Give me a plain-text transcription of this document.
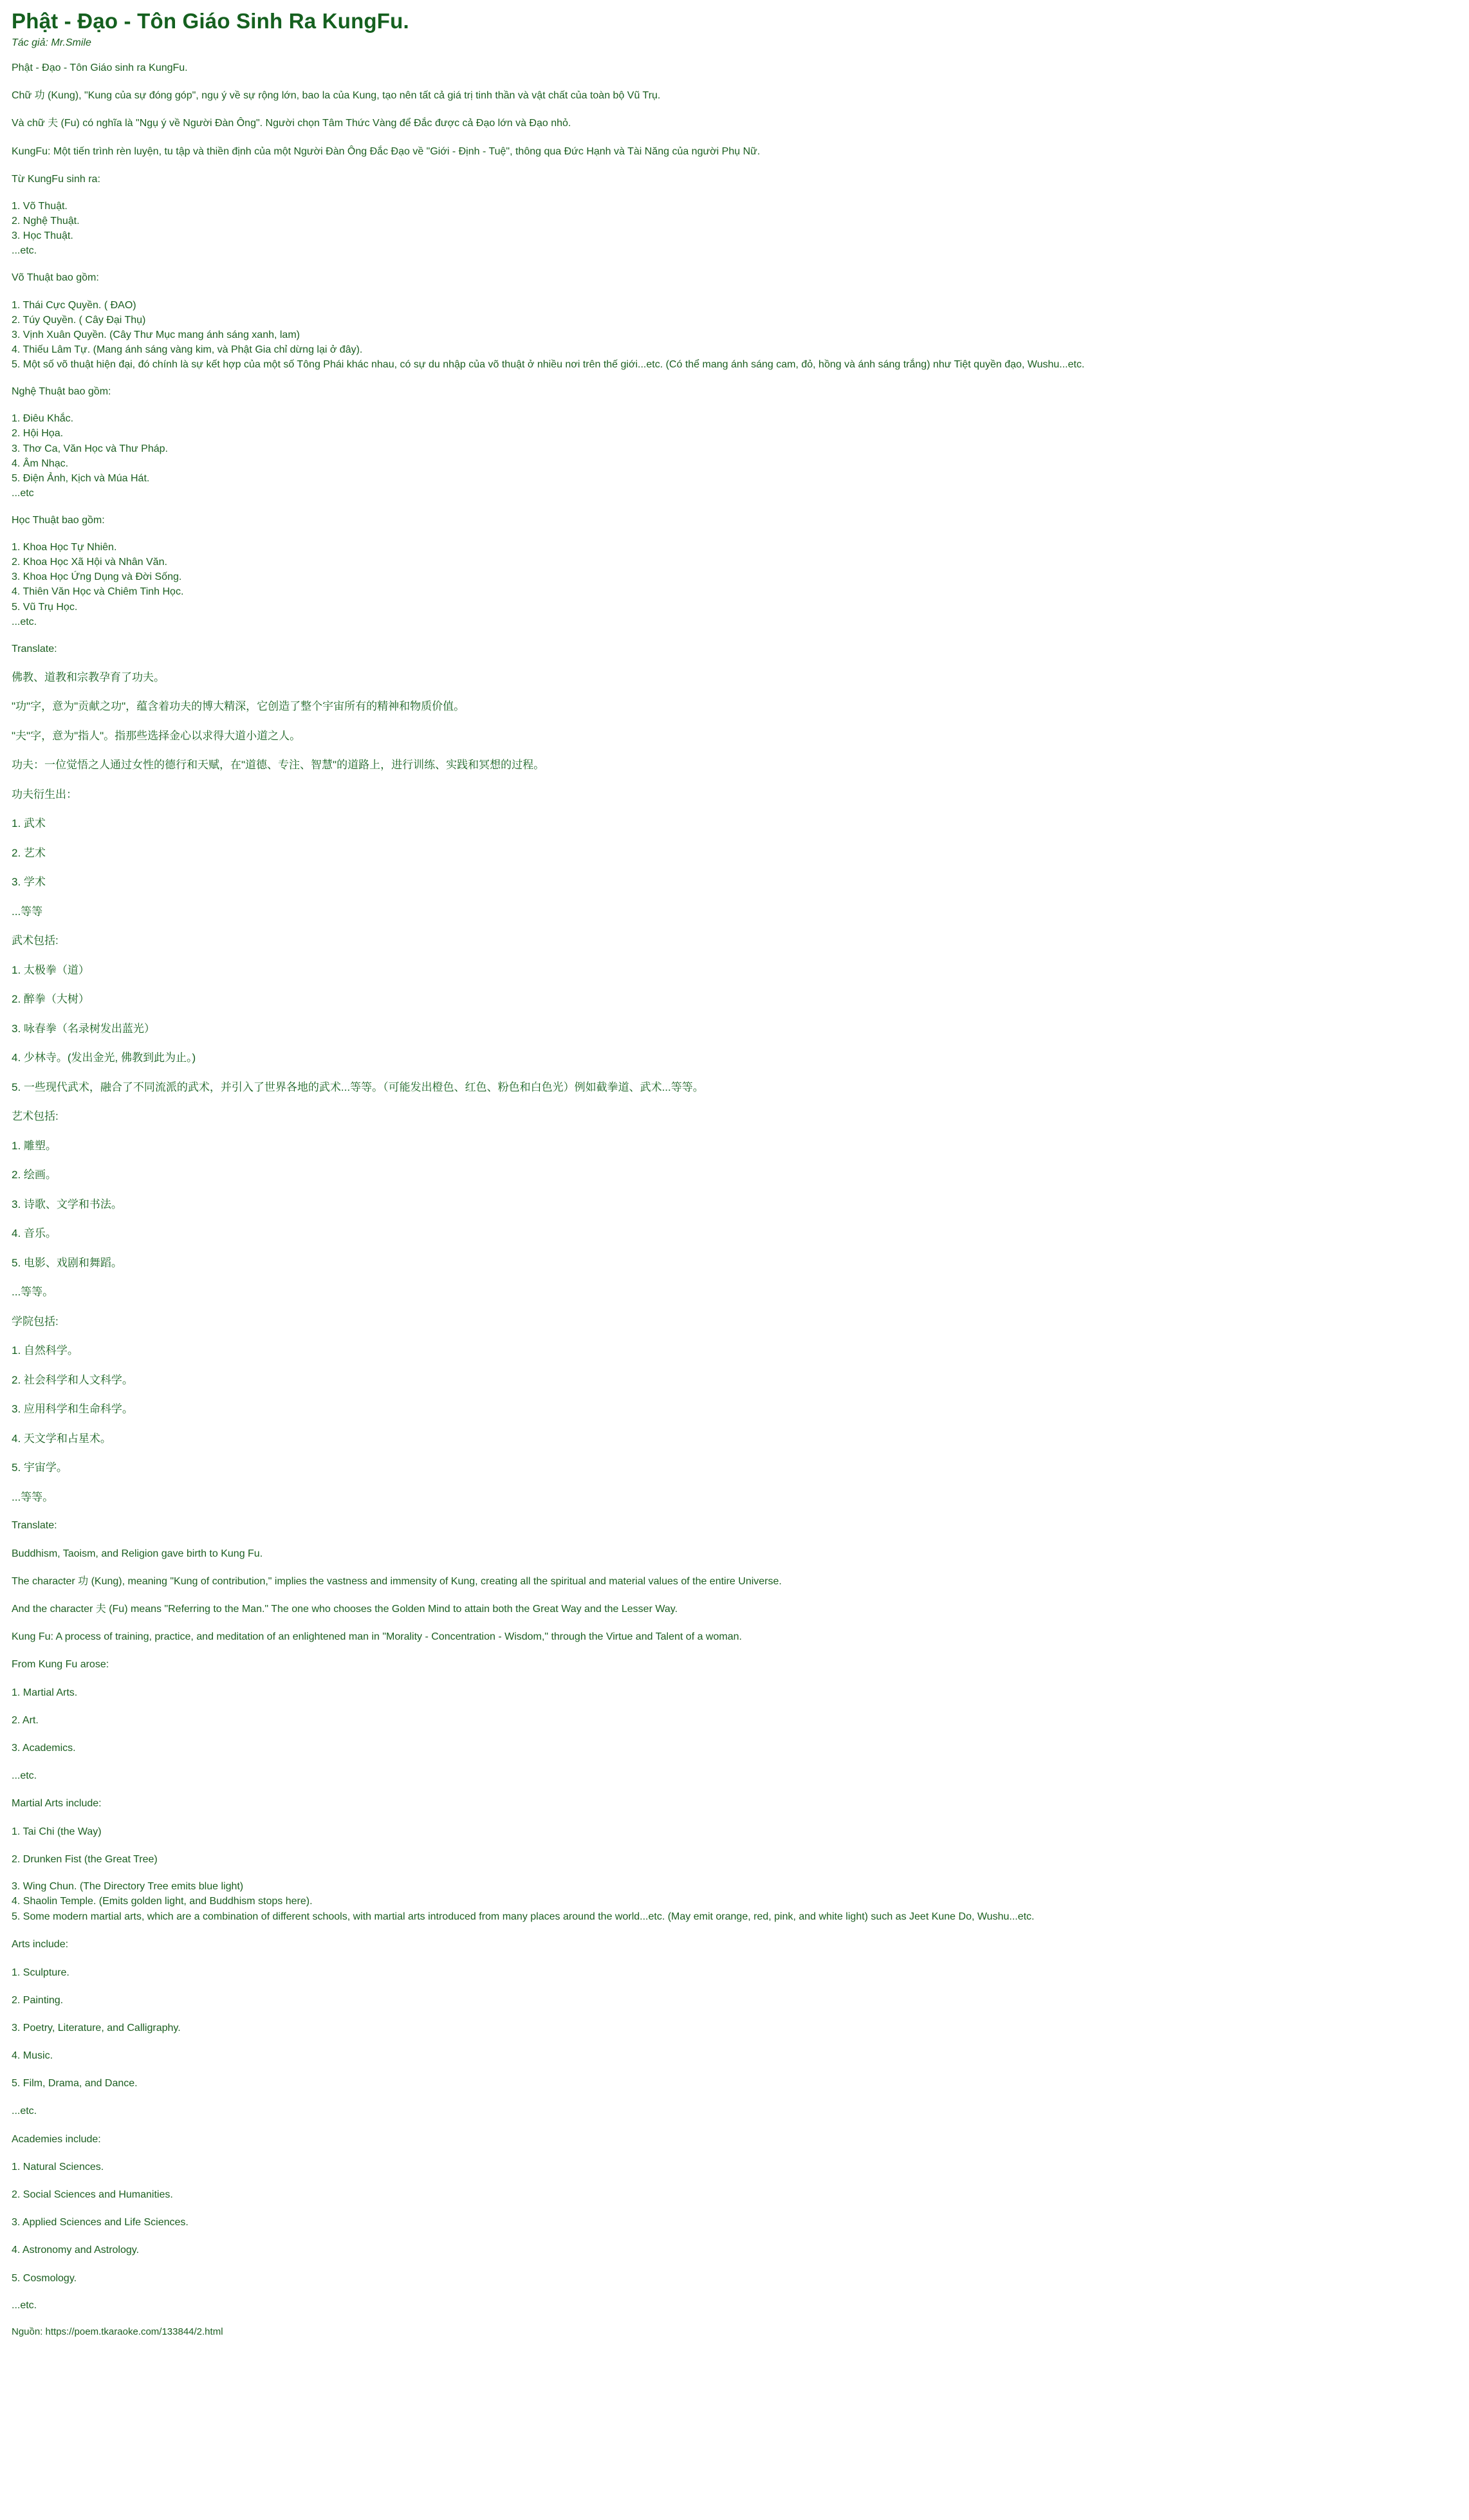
Phật - Đạo - Tôn Giáo Sinh Ra KungFu.
Tác giả: Mr.Smile

Phật - Đạo - Tôn Giáo sinh ra KungFu.

Chữ 功 (Kung), "Kung của sự đóng góp", ngụ ý về sự rộng lớn, bao la của Kung, tạo nên tất cả giá trị tinh thần và vật chất của toàn bộ Vũ Trụ.

Và chữ 夫 (Fu) có nghĩa là "Ngụ ý về Người Đàn Ông". Người chọn Tâm Thức Vàng để Đắc được cả Đạo lớn và Đạo nhỏ.

KungFu: Một tiến trình rèn luyện, tu tập và thiền định của một Người Đàn Ông Đắc Đạo về "Giới - Định - Tuệ", thông qua Đức Hạnh và Tài Năng của người Phụ Nữ.

Từ KungFu sinh ra:

1. Võ Thuật.

2. Nghệ Thuật.

3. Học Thuật.

...etc.

Võ Thuật bao gồm:

1. Thái Cực Quyền. ( ĐAO)

2. Túy Quyền. ( Cây Đại Thụ)

3. Vịnh Xuân Quyền. (Cây Thư Mục mang ánh sáng xanh, lam)

4. Thiếu Lâm Tự. (Mang ánh sáng vàng kim, và Phật Gia chỉ dừng lại ở đây).

5. Một số võ thuật hiện đại, đó chính là sự kết hợp của một số Tông Phái khác nhau, có sự du nhập của võ thuật ở nhiều nơi trên thế giới...etc. (Có thể mang ánh sáng cam, đỏ, hồng và ánh sáng trắng) như Tiệt quyền đạo, Wushu...etc.

Nghệ Thuật bao gồm:

1. Điêu Khắc.

2. Hội Họa.

3. Thơ Ca, Văn Học và Thư Pháp.

4. Âm Nhạc.

5. Điện Ảnh, Kịch và Múa Hát.

...etc

Học Thuật bao gồm:

1. Khoa Học Tự Nhiên.

2. Khoa Học Xã Hội và Nhân Văn.

3. Khoa Học Ứng Dụng và Đời Sống.

4. Thiên Văn Học và Chiêm Tinh Học.

5. Vũ Trụ Học.

...etc.

Translate:

佛教、道教和宗教孕育了功夫。

"功"字，意为"贡献之功"，蕴含着功夫的博大精深，它创造了整个宇宙所有的精神和物质价值。

"夫"字，意为"指人"。指那些选择金心以求得大道小道之人。

功夫：一位觉悟之人通过女性的德行和天赋，在"道德、专注、智慧"的道路上，进行训练、实践和冥想的过程。

功夫衍生出：

1. 武术

2. 艺术

3. 学术

...等等

武术包括:

1. 太极拳（道）

2. 醉拳（大树）

3. 咏春拳（名录树发出蓝光）

4. 少林寺。(发出金光, 佛教到此为止。)

5. 一些现代武术，融合了不同流派的武术，并引入了世界各地的武术...等等。（可能发出橙色、红色、粉色和白色光）例如截拳道、武术...等等。

艺术包括:

1. 雕塑。

2. 绘画。

3. 诗歌、文学和书法。

4. 音乐。

5. 电影、戏剧和舞蹈。

...等等。

学院包括:

1. 自然科学。

2. 社会科学和人文科学。

3. 应用科学和生命科学。

4. 天文学和占星术。

5. 宇宙学。

...等等。

Translate:

Buddhism, Taoism, and Religion gave birth to Kung Fu.

The character 功 (Kung), meaning "Kung of contribution," implies the vastness and immensity of Kung, creating all the spiritual and material values of the entire Universe.

And the character 夫 (Fu) means "Referring to the Man." The one who chooses the Golden Mind to attain both the Great Way and the Lesser Way.

Kung Fu: A process of training, practice, and meditation of an enlightened man in "Morality - Concentration - Wisdom," through the Virtue and Talent of a woman.

From Kung Fu arose:

1. Martial Arts.

2. Art.

3. Academics.

...etc.

Martial Arts include:

1. Tai Chi (the Way)

2. Drunken Fist (the Great Tree)

3. Wing Chun. (The Directory Tree emits blue light)

4. Shaolin Temple. (Emits golden light, and Buddhism stops here).

5. Some modern martial arts, which are a combination of different schools, with martial arts introduced from many places around the world...etc. (May emit orange, red, pink, and white light) such as Jeet Kune Do, Wushu...etc.

Arts include:

1. Sculpture.

2. Painting.

3. Poetry, Literature, and Calligraphy.

4. Music.

5. Film, Drama, and Dance.

...etc.

Academies include:

1. Natural Sciences.

2. Social Sciences and Humanities.

3. Applied Sciences and Life Sciences.

4. Astronomy and Astrology.

5. Cosmology.

...etc.

Nguồn: https://poem.tkaraoke.com/133844/2.html
